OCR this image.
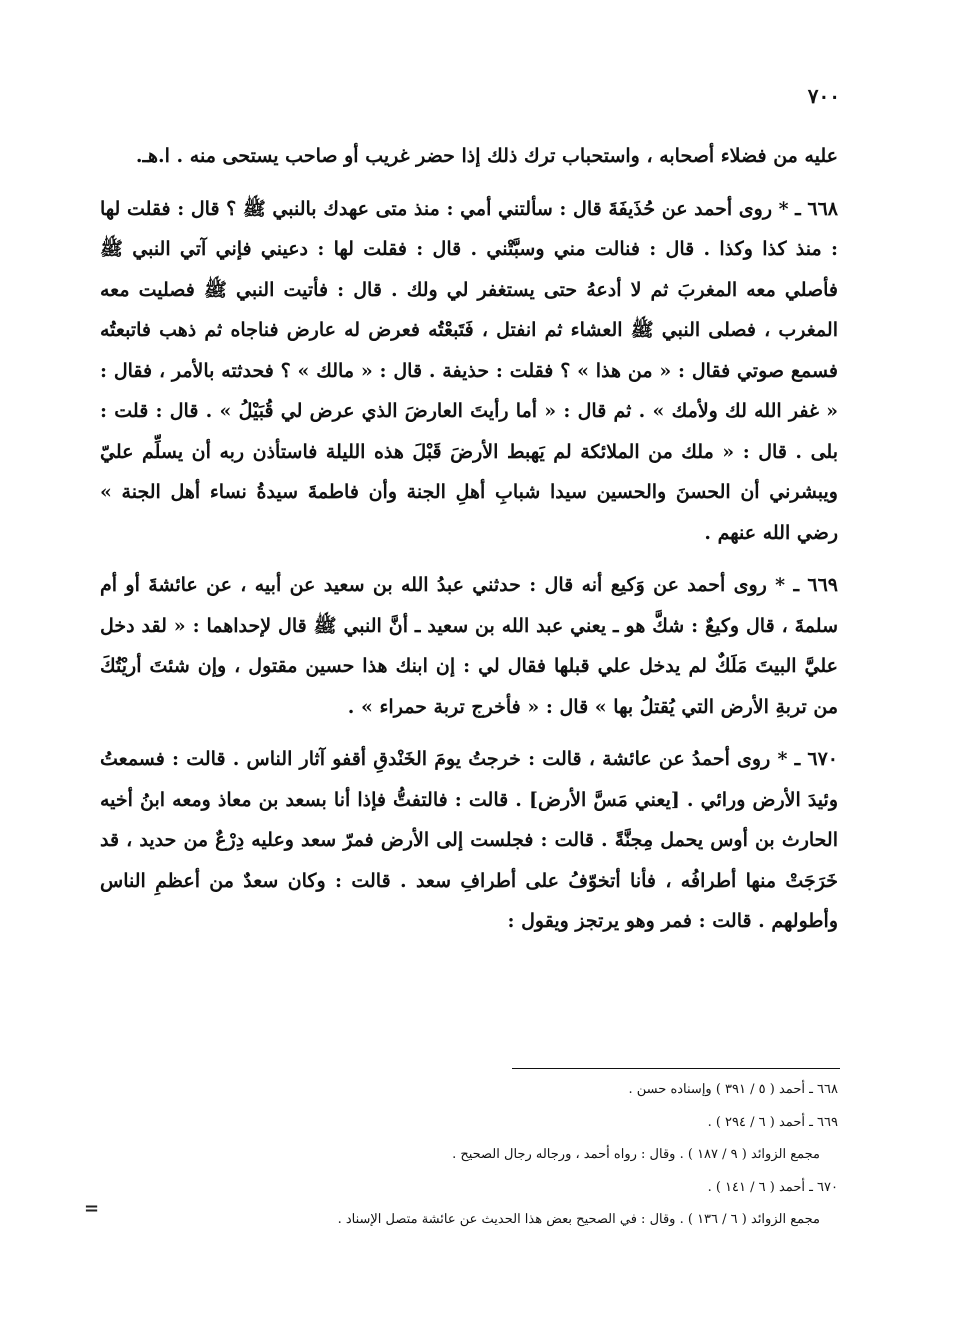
٧٠٠

عليه من فضلاء أصحابه ، واستحباب ترك ذلك إذا حضر غريب أو صاحب يستحى منه . ا.هـ.

٦٦٨ ـ * روى أحمد عن حُذَيفَةَ قال : سألتني أمي : منذ متى عهدك بالنبي ﷺ ؟ قال : فقلت لها : منذ كذا وكذا . قال : فنالت مني وسبَّتْني . قال : فقلت لها : دعيني فإني آتي النبي ﷺ فأصلي معه المغربَ ثم لا أدعهُ حتى يستغفر لي ولك . قال : فأتيت النبي ﷺ فصليت معه المغرب ، فصلى النبي ﷺ العشاء ثم انفتل ، فَتَبعْتُه فعرض له عارض فناجاه ثم ذهب فاتبعتُه فسمع صوتي فقال : « من هذا » ؟ فقلت : حذيفة . قال : « مالك » ؟ فحدثته بالأمر ، فقال : « غفر الله لك ولأمك » . ثم قال : « أما رأيتَ العارضَ الذي عرض لي قُبَيْلُ » . قال : قلت : بلى . قال : « ملك من الملائكة لم يَهبط الأرضَ قَبْلَ هذه الليلة فاستأذن ربه أن يسلِّم عليّ ويبشرني أن الحسنَ والحسين سيدا شبابِ أهلِ الجنة وأن فاطمةَ سيدةُ نساء أهل الجنة » رضي الله عنهم .

٦٦٩ ـ * روى أحمد عن وَكيع أنه قال : حدثني عبدُ الله بن سعيد عن أبيه ، عن عائشةَ أو أم سلمةَ ، قال وكيعٌ : شكَّ هو ـ يعني عبد الله بن سعيد ـ أنَّ النبي ﷺ قال لإحداهما : « لقد دخل عليَّ البيتَ مَلَكٌ لم يدخل علي قبلها فقال لي : إن ابنك هذا حسين مقتول ، وإن شئتَ أريْتُكَ من تربةِ الأرض التي يُقتلُ بها » قال : « فأخرج تربة حمراء » .

٦٧٠ ـ * روى أحمدُ عن عائشة ، قالت : خرجتُ يومَ الخَنْدقِ أقفو آثار الناس . قالت : فسمعتُ وئيدَ الأرض ورائي . [يعني مَسَّ الأرض] . قالت : فالتفتُّ فإذا أنا بسعد بن معاذ ومعه ابنُ أخيه الحارث بن أوس يحمل مِجنَّةً . قالت : فجلست إلى الأرض فمرّ سعد وعليه دِرْعٌ من حديد ، قد خَرَجَتْ منها أطرافُه ، فأنا أتخوّفُ على أطرافِ سعد . قالت : وكان سعدٌ من أعظمِ الناس وأطولهم . قالت : فمر وهو يرتجز ويقول :

٦٦٨ ـ أحمد ( ٥ / ٣٩١ ) وإسناده حسن .
٦٦٩ ـ أحمد ( ٦ / ٢٩٤ ) .
مجمع الزوائد ( ٩ / ١٨٧ ) . وقال : رواه أحمد ، ورجاله رجال الصحيح .
٦٧٠ ـ أحمد ( ٦ / ١٤١ ) .
مجمع الزوائد ( ٦ / ١٣٦ ) . وقال : في الصحيح بعض هذا الحديث عن عائشة متصل الإسناد .
=
